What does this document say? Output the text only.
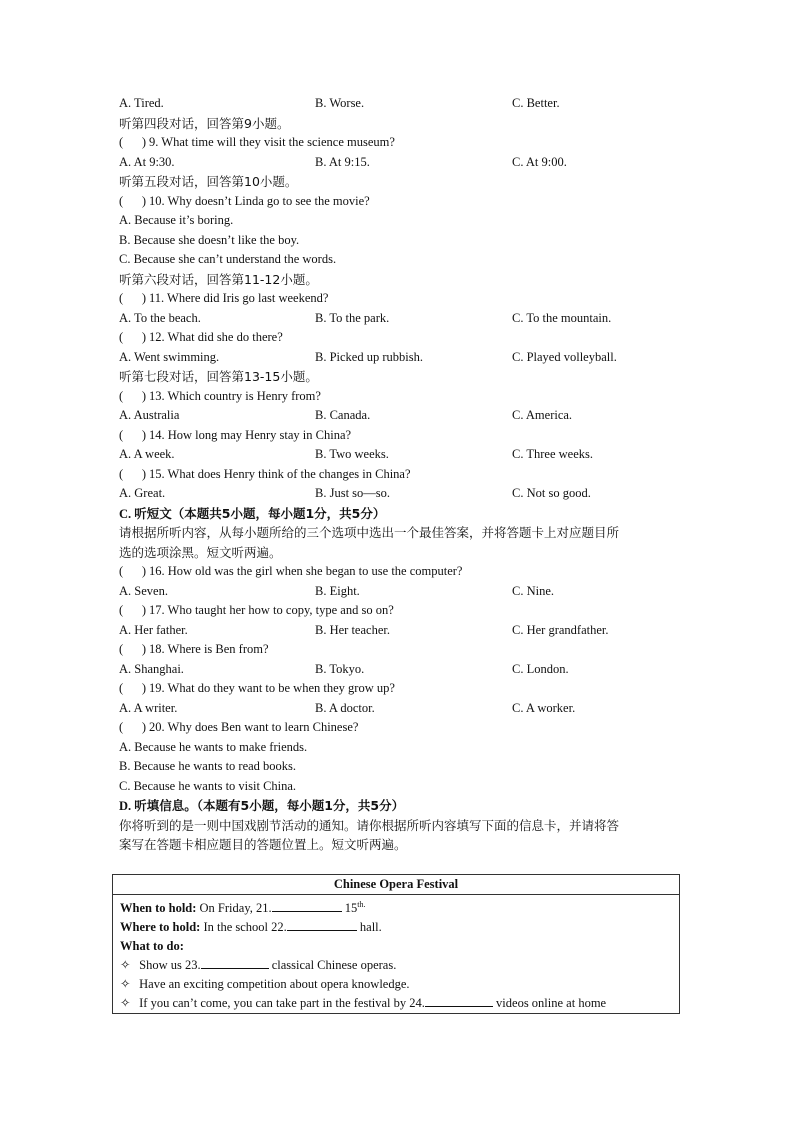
A. Tired.	B. Worse.	C. Better.
听第四段对话，回答第9小题。
(      ) 9. What time will they visit the science museum?
A. At 9:30.	B. At 9:15.	C. At 9:00.
听第五段对话，回答第10小题。
(      ) 10. Why doesn’t Linda go to see the movie?
A. Because it’s boring.
B. Because she doesn’t like the boy.
C. Because she can’t understand the words.
听第六段对话，回答第11-12小题。
(      ) 11. Where did Iris go last weekend?
A. To the beach.	B. To the park.	C. To the mountain.
(      ) 12. What did she do there?
A. Went swimming.	B. Picked up rubbish.	C. Played volleyball.
听第七段对话，回答第13-15小题。
(      ) 13. Which country is Henry from?
A. Australia	B. Canada.	C. America.
(      ) 14. How long may Henry stay in China?
A. A week.	B. Two weeks.	C. Three weeks.
(      ) 15. What does Henry think of the changes in China?
A. Great.	B. Just so—so.	C. Not so good.
C. 听短文（本题共5小题，每小题1分，共5分）
请根据所听内容，从每小题所给的三个选项中选出一个最佳答案，并将答题卡上对应题目所
选的选项涂黑。短文听两遍。
(      ) 16. How old was the girl when she began to use the computer?
A. Seven.	B. Eight.	C. Nine.
(      ) 17. Who taught her how to copy, type and so on?
A. Her father.	B. Her teacher.	C. Her grandfather.
(      ) 18. Where is Ben from?
A. Shanghai.	B. Tokyo.	C. London.
(      ) 19. What do they want to be when they grow up?
A. A writer.	B. A doctor.	C. A worker.
(      ) 20. Why does Ben want to learn Chinese?
A. Because he wants to make friends.
B. Because he wants to read books.
C. Because he wants to visit China.
D. 听填信息。（本题有5小题，每小题1分，共5分）
你将听到的是一则中国戏剧节活动的通知。请你根据所听内容填写下面的信息卡，并请将答
案写在答题卡相应题目的答题位置上。短文听两遍。
Chinese Opera Festival

When to hold: On Friday, 21.	$15^{th.}$
Where to hold: In the school 22.	hall.
What to do:
✧ Show us 23.	classical Chinese operas.
✧ Have an exciting competition about opera knowledge.
✧ If you can’t come, you can take part in the festival by 24.	videos online at home
